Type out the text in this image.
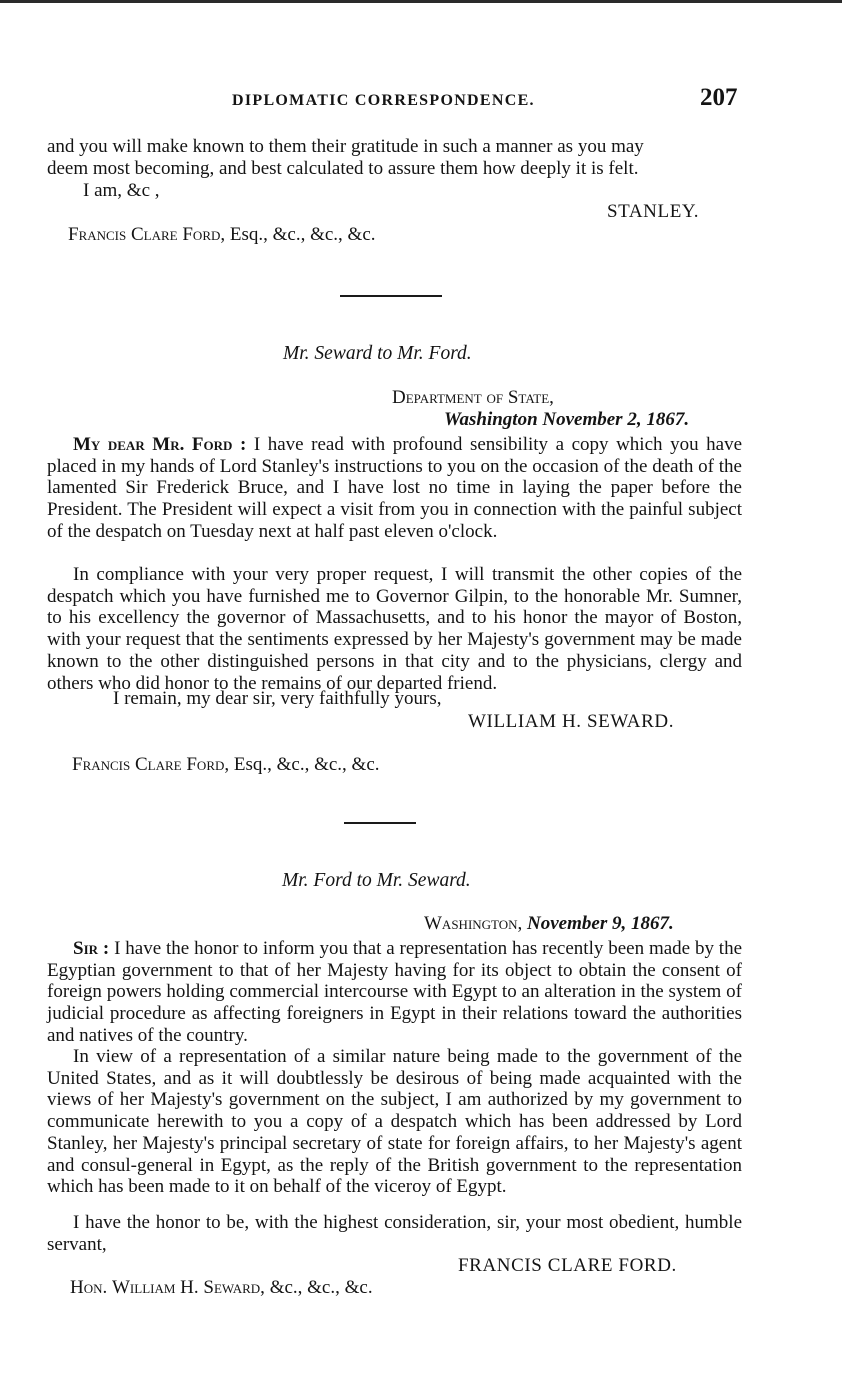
DIPLOMATIC CORRESPONDENCE.	207
and you will make known to them their gratitude in such a manner as you may
deem most becoming, and best calculated to assure them how deeply it is felt.
I am, &c ,
STANLEY.
Francis Clare Ford, Esq., &c., &c., &c.
Mr. Seward to Mr. Ford.
Department of State,
Washington November 2, 1867.

My dear Mr. Ford : I have read with profound sensibility a copy which you have placed in my hands of Lord Stanley's instructions to you on the occasion of the death of the lamented Sir Frederick Bruce, and I have lost no time in laying the paper before the President. The President will expect a visit from you in connection with the painful subject of the despatch on Tuesday next at half past eleven o'clock.

In compliance with your very proper request, I will transmit the other copies of the despatch which you have furnished me to Governor Gilpin, to the honorable Mr. Sumner, to his excellency the governor of Massachusetts, and to his honor the mayor of Boston, with your request that the sentiments expressed by her Majesty's government may be made known to the other distinguished persons in that city and to the physicians, clergy and others who did honor to the remains of our departed friend.

I remain, my dear sir, very faithfully yours,
WILLIAM H. SEWARD.
Francis Clare Ford, Esq., &c., &c., &c.
Mr. Ford to Mr. Seward.
Washington, November 9, 1867.

Sir : I have the honor to inform you that a representation has recently been made by the Egyptian government to that of her Majesty having for its object to obtain the consent of foreign powers holding commercial intercourse with Egypt to an alteration in the system of judicial procedure as affecting foreigners in Egypt in their relations toward the authorities and natives of the country.

In view of a representation of a similar nature being made to the government of the United States, and as it will doubtlessly be desirous of being made acquainted with the views of her Majesty's government on the subject, I am authorized by my government to communicate herewith to you a copy of a despatch which has been addressed by Lord Stanley, her Majesty's principal secretary of state for foreign affairs, to her Majesty's agent and consul-general in Egypt, as the reply of the British government to the representation which has been made to it on behalf of the viceroy of Egypt.

I have the honor to be, with the highest consideration, sir, your most obedient, humble servant,

FRANCIS CLARE FORD.
Hon. William H. Seward, &c., &c., &c.
